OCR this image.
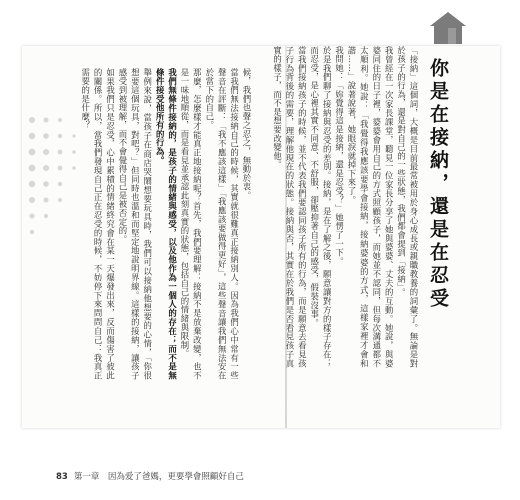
你是在接納，還是在忍受

「接納」這個詞，大概是目前最常被用於身心成長或親職教養的詞彙了。無論是對於孩子的行為，還是對自己的一些狀態，我們都會提到「接納」。

我曾經在一次家長課堂，聽見一位家長分享了她與婆婆、丈夫的互動。她說，與婆婆同住的日子裡，婆婆會用自己的方式照顧孩子，而她並不認同，但每次溝通都不太順利。她說：「我覺得我應該要學會接納，接納婆婆的方式，這樣家裡才會和諧……」說著說著，她眼淚就掉下來了。

我問她：「妳覺得這是接納，還是忍受？」她愣了一下。

於是我們聊了接納與忍受的差別。接納，是在了解之後，願意讓對方的樣子存在；而忍受，是心裡其實不同意、不舒服，卻壓抑著自己的感受，假裝沒事。

當我們接納孩子的時候，並不代表我們要認同孩子所有的行為，而是願意去看見孩子行為背後的需要，理解他現在的狀態。接納與否，其實在於我們是否看見孩子真實的樣子，而不是想要改變他。

候，我們也聲之忍之，無動於衷。

當我們無法接納自己的時候，其實就很難真正接納別人。因為我們心中常有一些聲音在評斷：「我不應該這樣」「我應該要做得更好」，這些聲音讓我們無法安在於當下的自己。

那麼，怎麼樣才能真正地接納呢？首先，我們要理解：接納不是放棄改變，也不是一味地順從，而是看見並承認此刻真實的狀態，包括自己的情緒與限制。

我們無條件接納的，是孩子的情緒與感受，以及他作為一個人的存在；而不是無條件接受他所有的行為。

舉例來說，當孩子在商店哭鬧想要玩具時，我們可以接納他想要的心情，「你很想要這個玩具，對吧？」但同時也溫和而堅定地說明界線。這樣的接納，讓孩子感受到被理解，而不會覺得自己是被否定的。

如果我們只是忍受，心中累積的情緒終究會在某一天爆發出來，反而傷害了彼此的關係。所以，當我們發現自己正在忍受的時候，不妨停下來問問自己：我真正需要的是什麼？

83 第一章　因為爱了爸媽，更要學會照顧好自己
